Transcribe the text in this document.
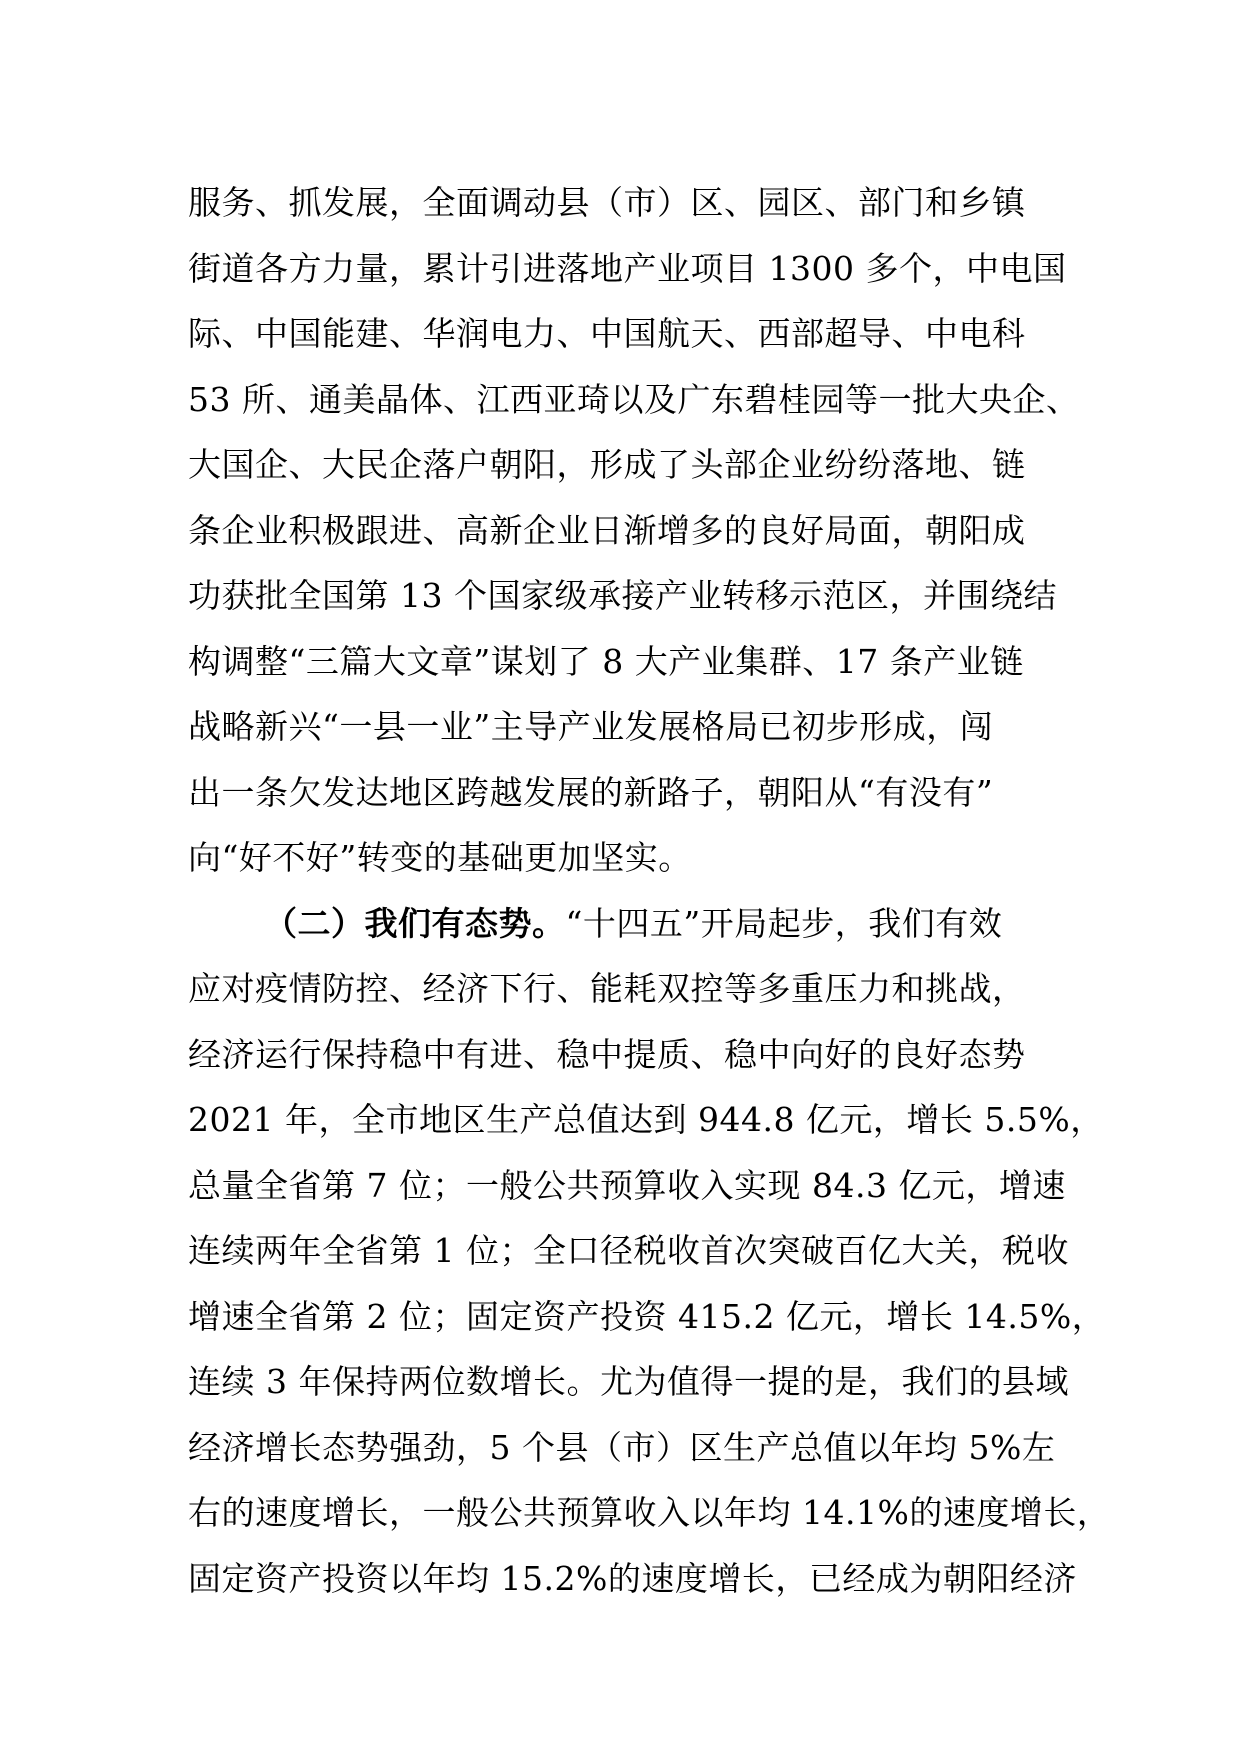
服务、抓发展，全面调动县（市）区、园区、部门和乡镇
街道各方力量，累计引进落地产业项目 1300 多个，中电国
际、中国能建、华润电力、中国航天、西部超导、中电科
53 所、通美晶体、江西亚琦以及广东碧桂园等一批大央企、
大国企、大民企落户朝阳，形成了头部企业纷纷落地、链
条企业积极跟进、高新企业日渐增多的良好局面，朝阳成
功获批全国第 13 个国家级承接产业转移示范区，并围绕结
构调整“三篇大文章”谋划了 8 大产业集群、17 条产业链
战略新兴“一县一业”主导产业发展格局已初步形成，闯
出一条欠发达地区跨越发展的新路子，朝阳从“有没有”
向“好不好”转变的基础更加坚实。
（二）我们有态势。“十四五”开局起步，我们有效
应对疫情防控、经济下行、能耗双控等多重压力和挑战，
经济运行保持稳中有进、稳中提质、稳中向好的良好态势
2021 年，全市地区生产总值达到 944.8 亿元，增长 5.5%，
总量全省第 7 位；一般公共预算收入实现 84.3 亿元，增速
连续两年全省第 1 位；全口径税收首次突破百亿大关，税收
增速全省第 2 位；固定资产投资 415.2 亿元，增长 14.5%，
连续 3 年保持两位数增长。尤为值得一提的是，我们的县域
经济增长态势强劲，5 个县（市）区生产总值以年均 5%左
右的速度增长，一般公共预算收入以年均 14.1%的速度增长，
固定资产投资以年均 15.2%的速度增长，已经成为朝阳经济
